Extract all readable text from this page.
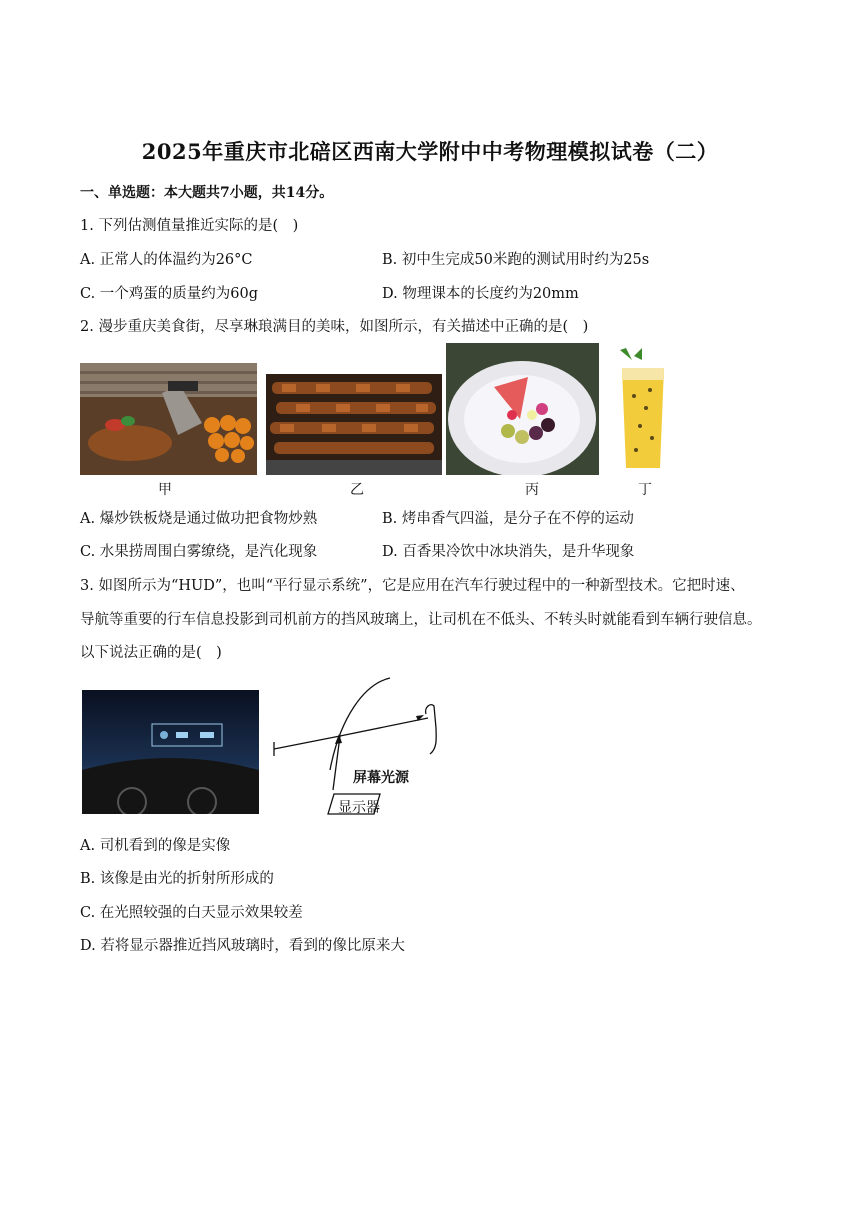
2025年重庆市北碚区西南大学附中中考物理模拟试卷（二）
一、单选题：本大题共7小题，共14分。
1. 下列估测值量推近实际的是(　)
A. 正常人的体温约为26°C	B. 初中生完成50米跑的测试用时约为25s
C. 一个鸡蛋的质量约为60g	D. 物理课本的长度约为20mm
2. 漫步重庆美食街，尽享琳琅满目的美味，如图所示，有关描述中正确的是(　)
甲	乙	丙	丁
A. 爆炒铁板烧是通过做功把食物炒熟	B. 烤串香气四溢，是分子在不停的运动
C. 水果捞周围白雾缭绕，是汽化现象	D. 百香果冷饮中冰块消失，是升华现象
3. 如图所示为“HUD”，也叫“平行显示系统”，它是应用在汽车行驶过程中的一种新型技术。它把时速、
导航等重要的行车信息投影到司机前方的挡风玻璃上，让司机在不低头、不转头时就能看到车辆行驶信息。
以下说法正确的是(　)
屏幕光源
显示器
A. 司机看到的像是实像
B. 该像是由光的折射所形成的
C. 在光照较强的白天显示效果较差
D. 若将显示器推近挡风玻璃时，看到的像比原来大
